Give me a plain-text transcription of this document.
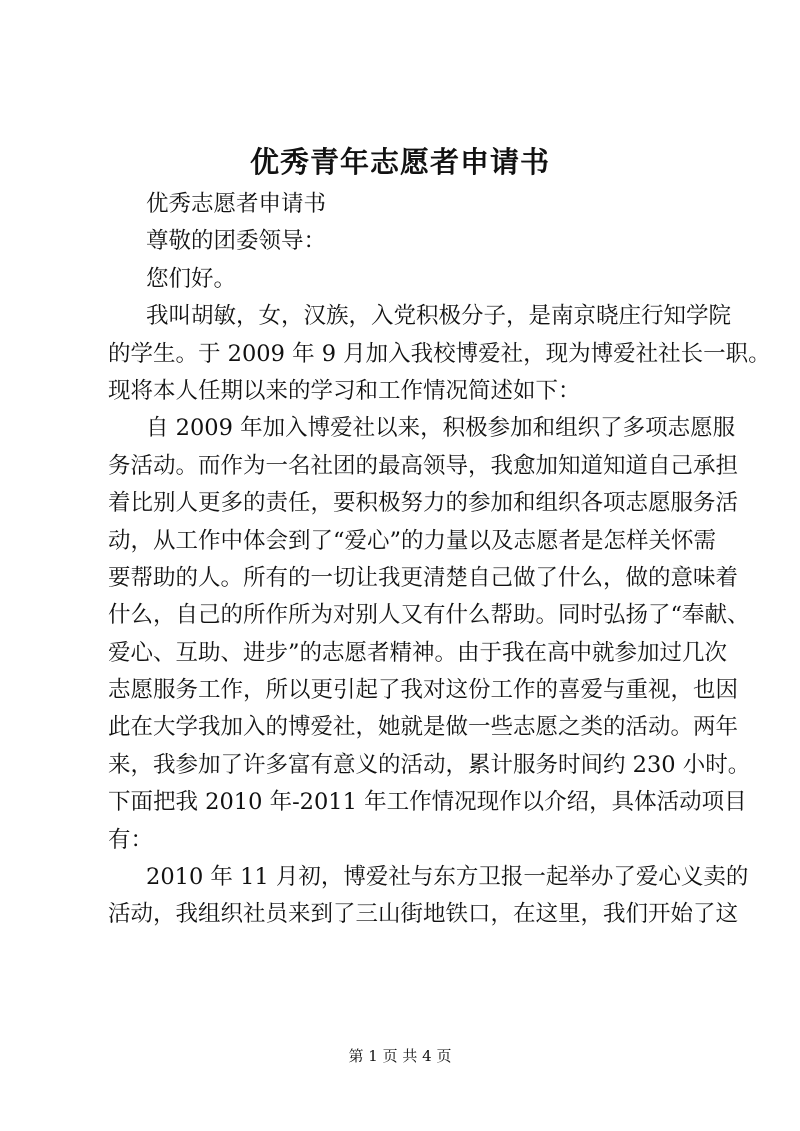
优秀青年志愿者申请书
优秀志愿者申请书
尊敬的团委领导：
您们好。
我叫胡敏，女，汉族，入党积极分子，是南京晓庄行知学院
的学生。于 2009 年 9 月加入我校博爱社，现为博爱社社长一职。
现将本人任期以来的学习和工作情况简述如下：
自 2009 年加入博爱社以来，积极参加和组织了多项志愿服
务活动。而作为一名社团的最高领导，我愈加知道知道自己承担
着比别人更多的责任，要积极努力的参加和组织各项志愿服务活
动，从工作中体会到了“爱心”的力量以及志愿者是怎样关怀需
要帮助的人。所有的一切让我更清楚自己做了什么，做的意味着
什么，自己的所作所为对别人又有什么帮助。同时弘扬了“奉献、
爱心、互助、进步”的志愿者精神。由于我在高中就参加过几次
志愿服务工作，所以更引起了我对这份工作的喜爱与重视，也因
此在大学我加入的博爱社，她就是做一些志愿之类的活动。两年
来，我参加了许多富有意义的活动，累计服务时间约 230 小时。
下面把我 2010 年-2011 年工作情况现作以介绍，具体活动项目
有：
2010 年 11 月初，博爱社与东方卫报一起举办了爱心义卖的
活动，我组织社员来到了三山街地铁口，在这里，我们开始了这
第 1 页 共 4 页
